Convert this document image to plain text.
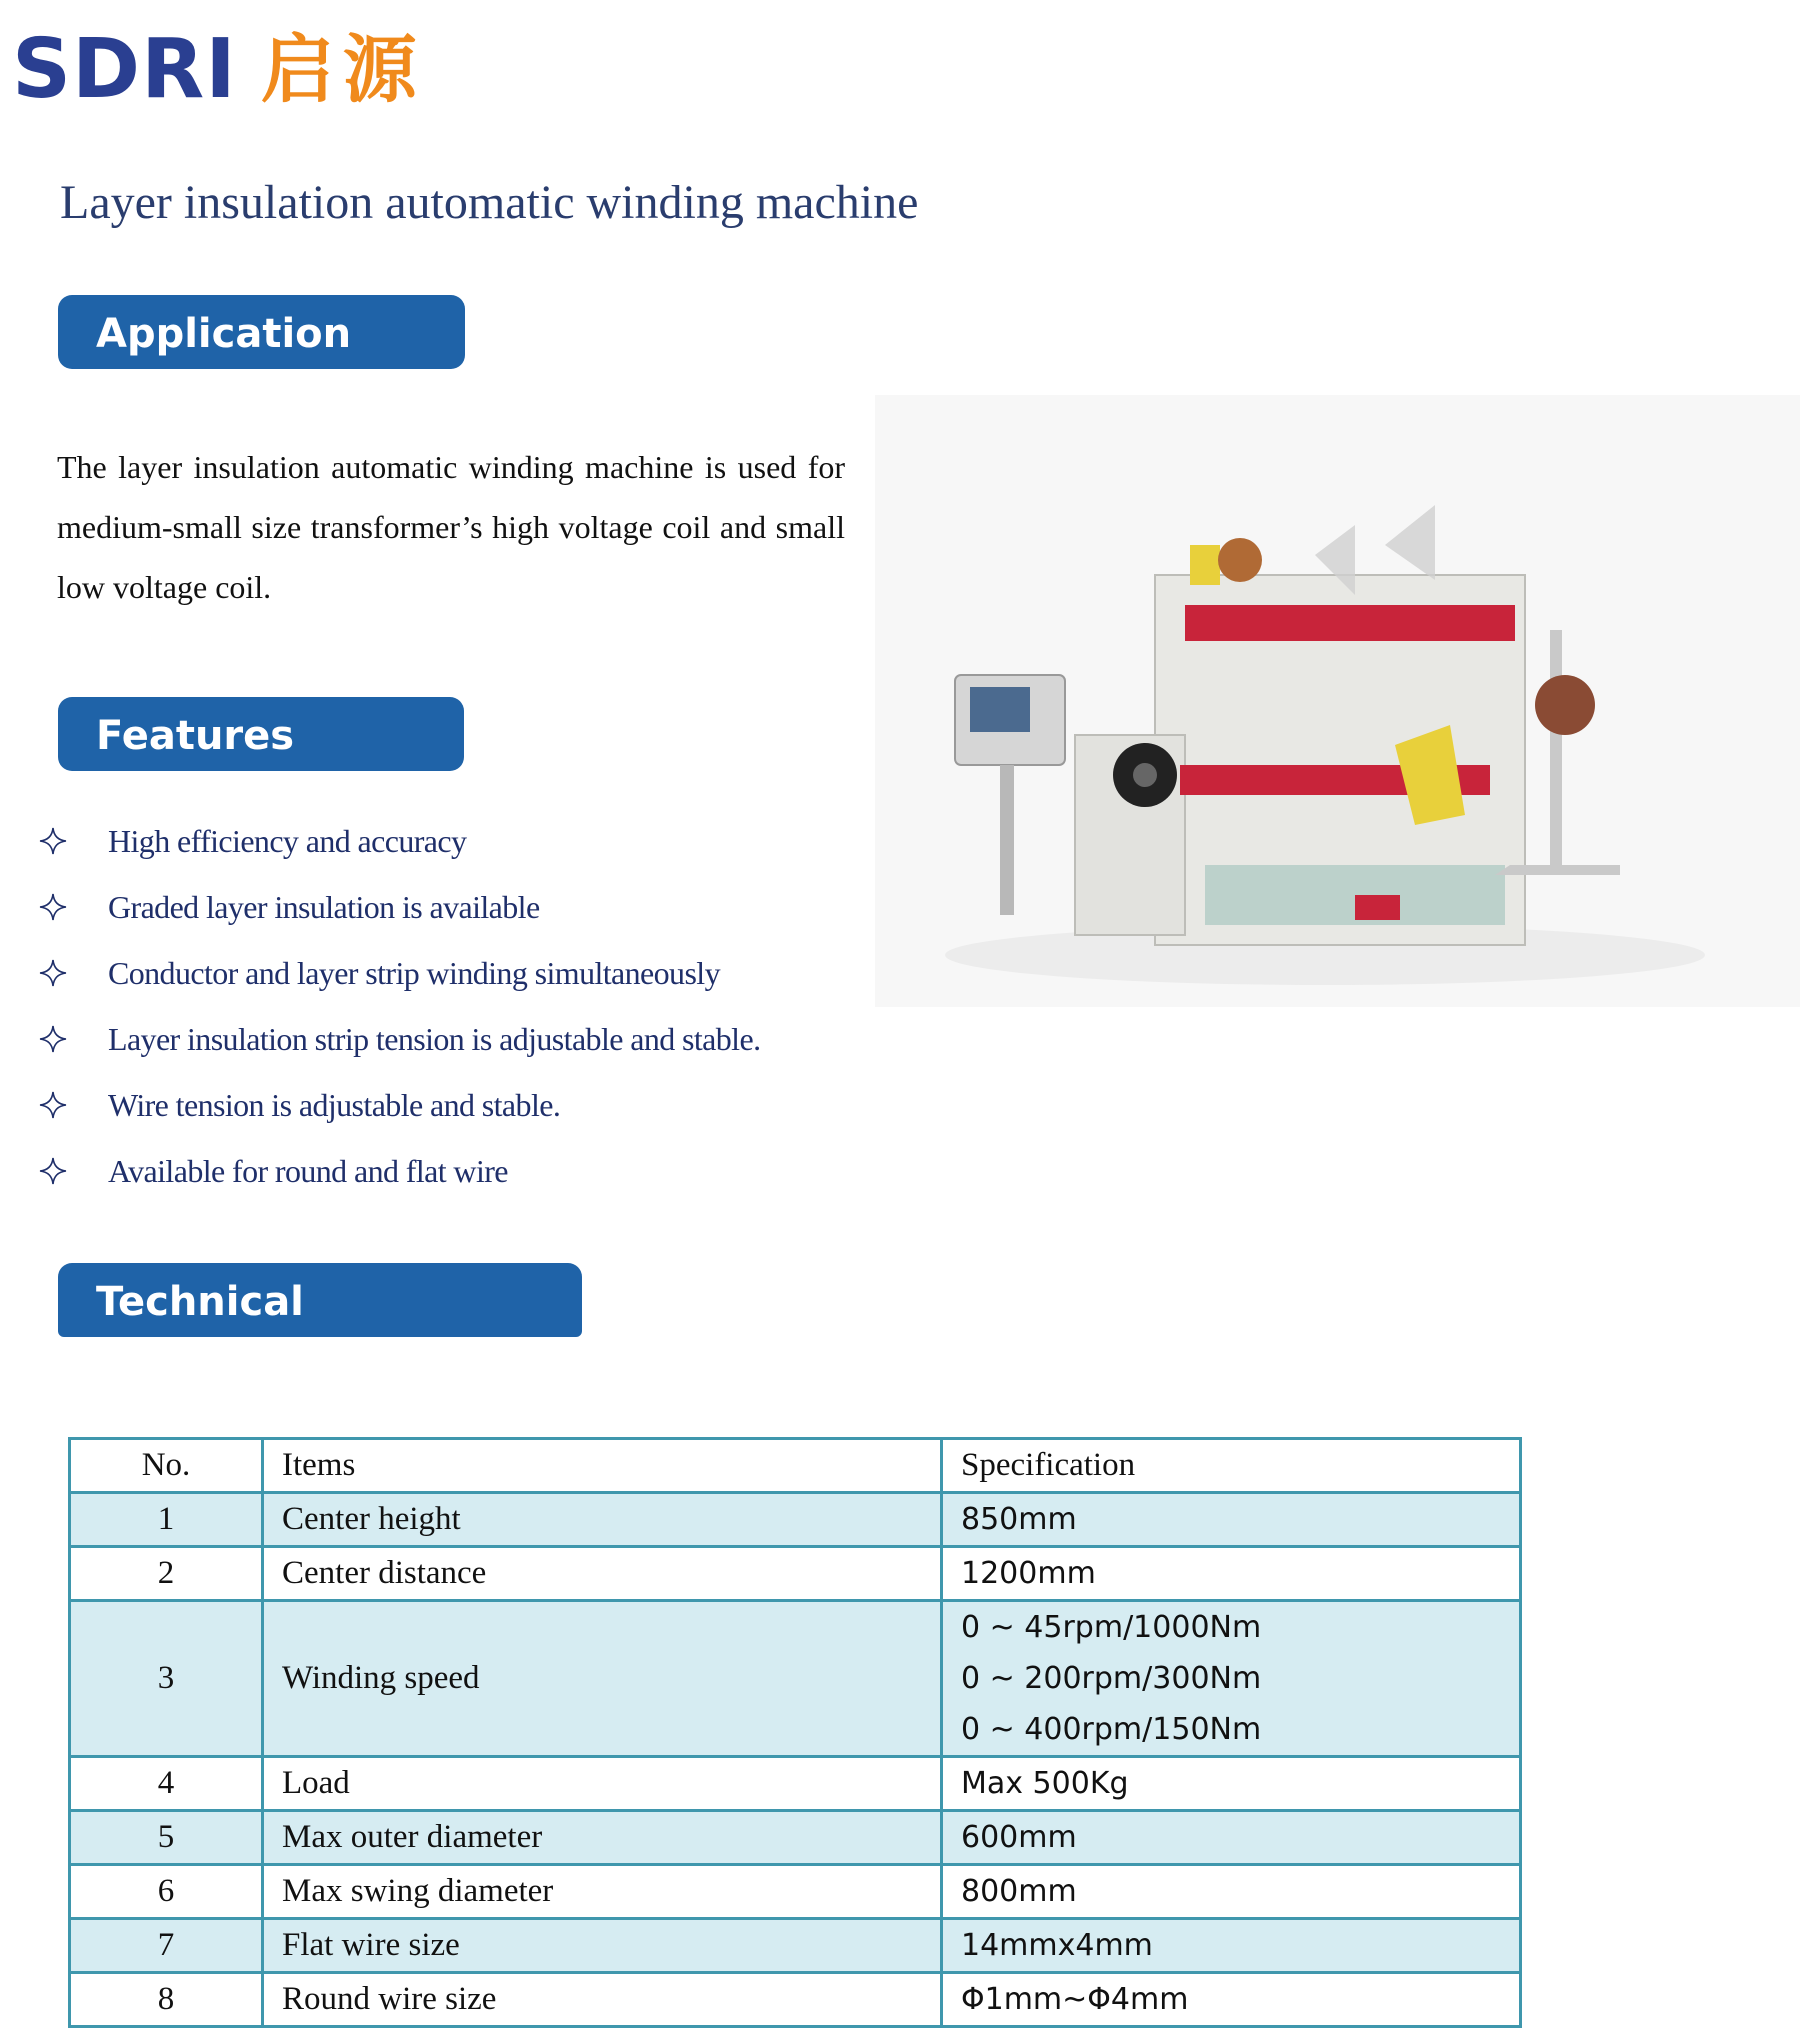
SDRI 启源
Layer insulation automatic winding machine
Application

The layer insulation automatic winding machine is used for medium-small size transformer’s high voltage coil and small low voltage coil.

Features
High efficiency and accuracy
Graded layer insulation is available
Conductor and layer strip winding simultaneously
Layer insulation strip tension is adjustable and stable.
Wire tension is adjustable and stable.
Available for round and flat wire
Technical Specifcation
No.	Items	Specification
1	Center height	850mm
2	Center distance	1200mm
3	Winding speed	0 ~ 45rpm/1000Nm
0 ~ 200rpm/300Nm
0 ~ 400rpm/150Nm

4	Load	Max 500Kg
5	Max outer diameter	600mm
6	Max swing diameter	800mm
7	Flat wire size	14mmx4mm
8	Round wire size	Φ1mm~Φ4mm
